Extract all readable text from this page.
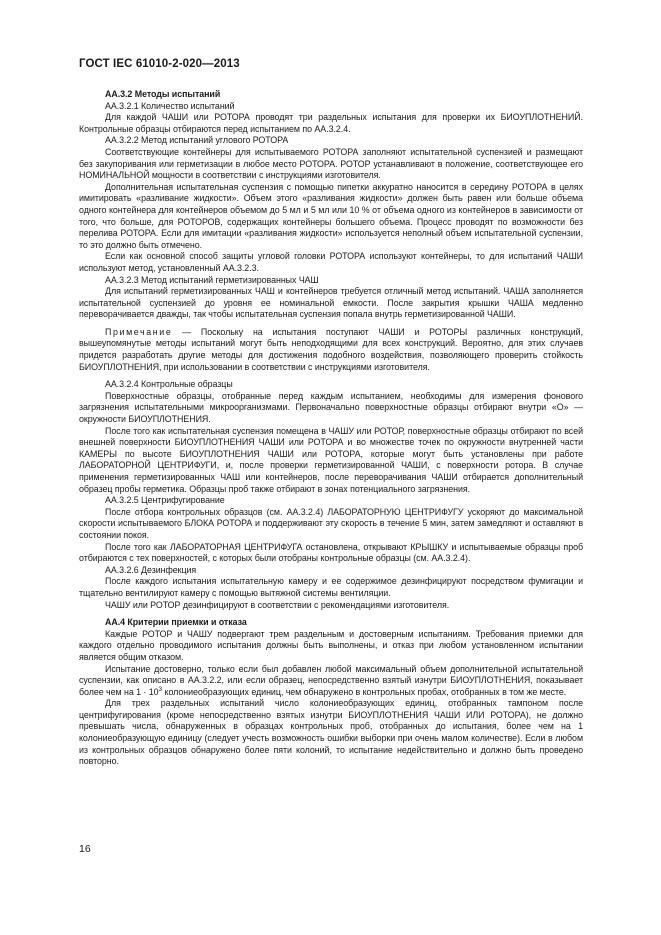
ГОСТ IEC 61010-2-020—2013

АА.3.2 Методы испытаний

АА.3.2.1 Количество испытаний

Для каждой ЧАШИ или РОТОРА проводят три раздельных испытания для проверки их БИОУПЛОТНЕНИЙ. Контрольные образцы отбираются перед испытанием по АА.3.2.4.

АА.3.2.2 Метод испытаний углового РОТОРА

Соответствующие контейнеры для испытываемого РОТОРА заполняют испытательной суспензией и размещают без закупоривания или герметизации в любое место РОТОРА. РОТОР устанавливают в положение, соответствующее его НОМИНАЛЬНОЙ мощности в соответствии с инструкциями изготовителя.

Дополнительная испытательная суспензия с помощью пипетки аккуратно наносится в середину РОТОРА в целях имитировать «разливание жидкости». Объем этого «разливания жидкости» должен быть равен или больше объема одного контейнера для контейнеров объемом до 5 мл и 5 мл или 10 % от объема одного из контейнеров в зависимости от того, что больше, для РОТОРОВ, содержащих контейнеры большего объема. Процесс проводят по возможности без перелива РОТОРА. Если для имитации «разливания жидкости» используется неполный объем испытательной суспензии, то это должно быть отмечено.

Если как основной способ защиты угловой головки РОТОРА используют контейнеры, то для испытаний ЧАШИ используют метод, установленный АА.3.2.3.

АА.3.2.3 Метод испытаний герметизированных ЧАШ

Для испытаний герметизированных ЧАШ и контейнеров требуется отличный метод испытаний. ЧАША заполняется испытательной суспензией до уровня ее номинальной емкости. После закрытия крышки ЧАША медленно переворачивается дважды, так чтобы испытательная суспензия попала внутрь герметизированной ЧАШИ.

Примечание — Поскольку на испытания поступают ЧАШИ и РОТОРЫ различных конструкций, вышеупомянутые методы испытаний могут быть неподходящими для всех конструкций. Вероятно, для этих случаев придется разработать другие методы для достижения подобного воздействия, позволяющего проверить стойкость БИОУПЛОТНЕНИЯ, при использовании в соответствии с инструкциями изготовителя.

АА.3.2.4 Контрольные образцы

Поверхностные образцы, отобранные перед каждым испытанием, необходимы для измерения фонового загрязнения испытательными микроорганизмами. Первоначально поверхностные образцы отбирают внутри «О» — окружности БИОУПЛОТНЕНИЯ.

После того как испытательная суспензия помещена в ЧАШУ или РОТОР, поверхностные образцы отбирают по всей внешней поверхности БИОУПЛОТНЕНИЯ ЧАШИ или РОТОРА и во множестве точек по окружности внутренней части КАМЕРЫ по высоте БИОУПЛОТНЕНИЯ ЧАШИ или РОТОРА, которые могут быть установлены при работе ЛАБОРАТОРНОЙ ЦЕНТРИФУГИ, и, после проверки герметизированной ЧАШИ, с поверхности ротора. В случае применения герметизированных ЧАШ или контейнеров, после переворачивания ЧАШИ отбирается дополнительный образец пробы герметика. Образцы проб также отбирают в зонах потенциального загрязнения.

АА.3.2.5 Центрифугирование

После отбора контрольных образцов (см. АА.3.2.4) ЛАБОРАТОРНУЮ ЦЕНТРИФУГУ ускоряют до максимальной скорости испытываемого БЛОКА РОТОРА и поддерживают эту скорость в течение 5 мин, затем замедляют и оставляют в состоянии покоя.

После того как ЛАБОРАТОРНАЯ ЦЕНТРИФУГА остановлена, открывают КРЫШКУ и испытываемые образцы проб отбираются с тех поверхностей, с которых были отобраны контрольные образцы (см. АА.3.2.4).

АА.3.2.6 Дезинфекция

После каждого испытания испытательную камеру и ее содержимое дезинфицируют посредством фумигации и тщательно вентилируют камеру с помощью вытяжной системы вентиляции.

ЧАШУ или РОТОР дезинфицируют в соответствии с рекомендациями изготовителя.

АА.4 Критерии приемки и отказа

Каждые РОТОР и ЧАШУ подвергают трем раздельным и достоверным испытаниям. Требования приемки для каждого отдельно проводимого испытания должны быть выполнены, и отказ при любом установленном испытании является общим отказом.

Испытание достоверно, только если был добавлен любой максимальный объем дополнительной испытательной суспензии, как описано в АА.3.2.2, или если образец, непосредственно взятый изнутри БИОУПЛОТНЕНИЯ, показывает более чем на $1 \cdot 10^3$ колониеобразующих единиц, чем обнаружено в контрольных пробах, отобранных в том же месте.

Для трех раздельных испытаний число колониеобразующих единиц, отобранных тампоном после центрифугирования (кроме непосредственно взятых изнутри БИОУПЛОТНЕНИЯ ЧАШИ ИЛИ РОТОРА), не должно превышать числа, обнаруженных в образцах контрольных проб, отобранных до испытания, более чем на 1 колониеобразующую единицу (следует учесть возможность ошибки выборки при очень малом количестве). Если в любом из контрольных образцов обнаружено более пяти колоний, то испытание недействительно и должно быть проведено повторно.

16
